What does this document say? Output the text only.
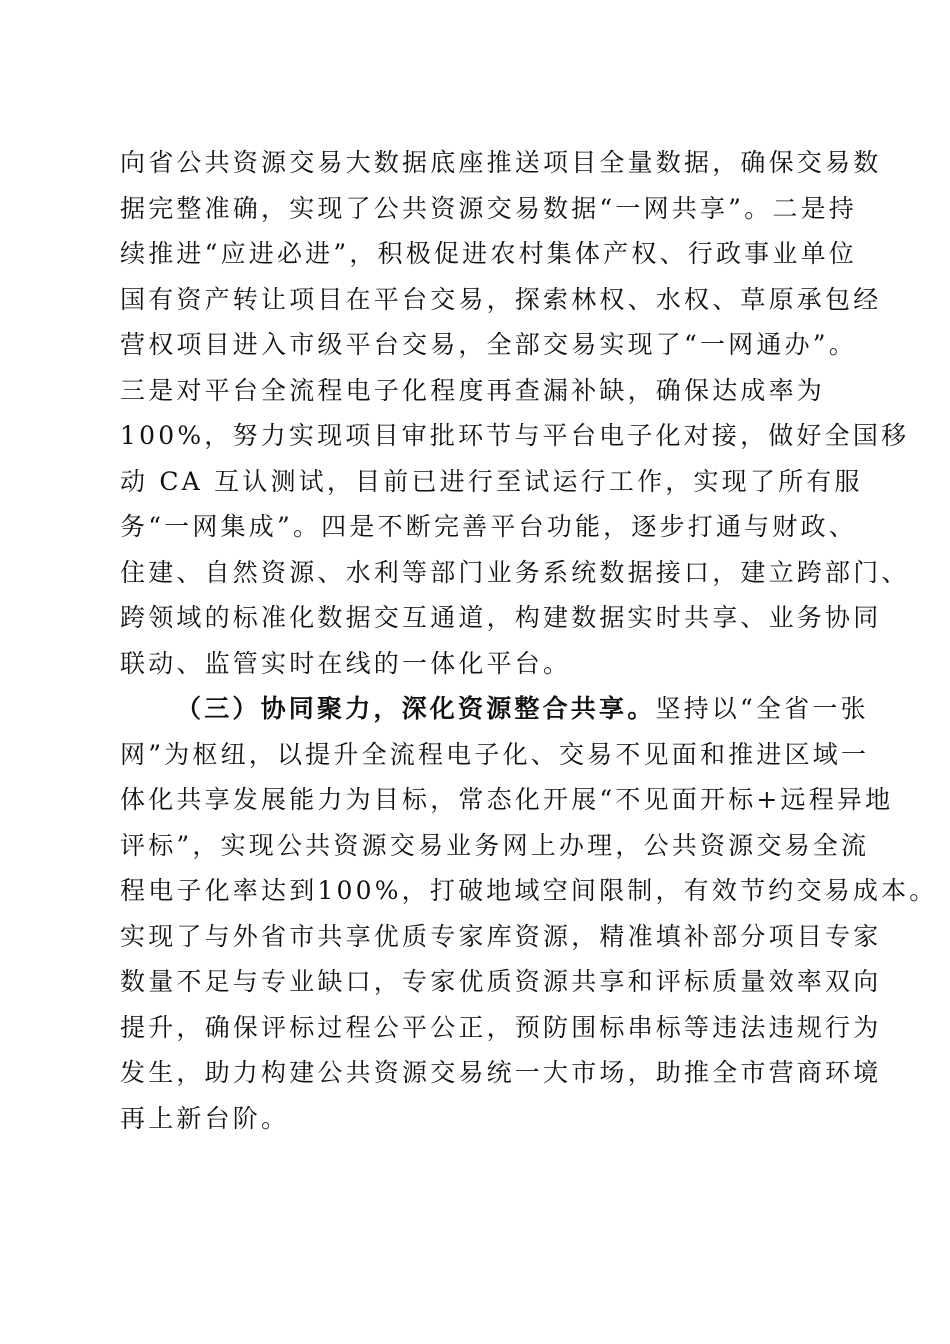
向省公共资源交易大数据底座推送项目全量数据，确保交易数
据完整准确，实现了公共资源交易数据“一网共享”。二是持
续推进“应进必进”，积极促进农村集体产权、行政事业单位
国有资产转让项目在平台交易，探索林权、水权、草原承包经
营权项目进入市级平台交易，全部交易实现了“一网通办”。
三是对平台全流程电子化程度再查漏补缺，确保达成率为
100%，努力实现项目审批环节与平台电子化对接，做好全国移
动 CA 互认测试，目前已进行至试运行工作，实现了所有服
务“一网集成”。四是不断完善平台功能，逐步打通与财政、
住建、自然资源、水利等部门业务系统数据接口，建立跨部门、
跨领域的标准化数据交互通道，构建数据实时共享、业务协同
联动、监管实时在线的一体化平台。
（三）协同聚力，深化资源整合共享。坚持以“全省一张
网”为枢纽，以提升全流程电子化、交易不见面和推进区域一
体化共享发展能力为目标，常态化开展“不见面开标+远程异地
评标”，实现公共资源交易业务网上办理，公共资源交易全流
程电子化率达到100%，打破地域空间限制，有效节约交易成本。
实现了与外省市共享优质专家库资源，精准填补部分项目专家
数量不足与专业缺口，专家优质资源共享和评标质量效率双向
提升，确保评标过程公平公正，预防围标串标等违法违规行为
发生，助力构建公共资源交易统一大市场，助推全市营商环境
再上新台阶。
